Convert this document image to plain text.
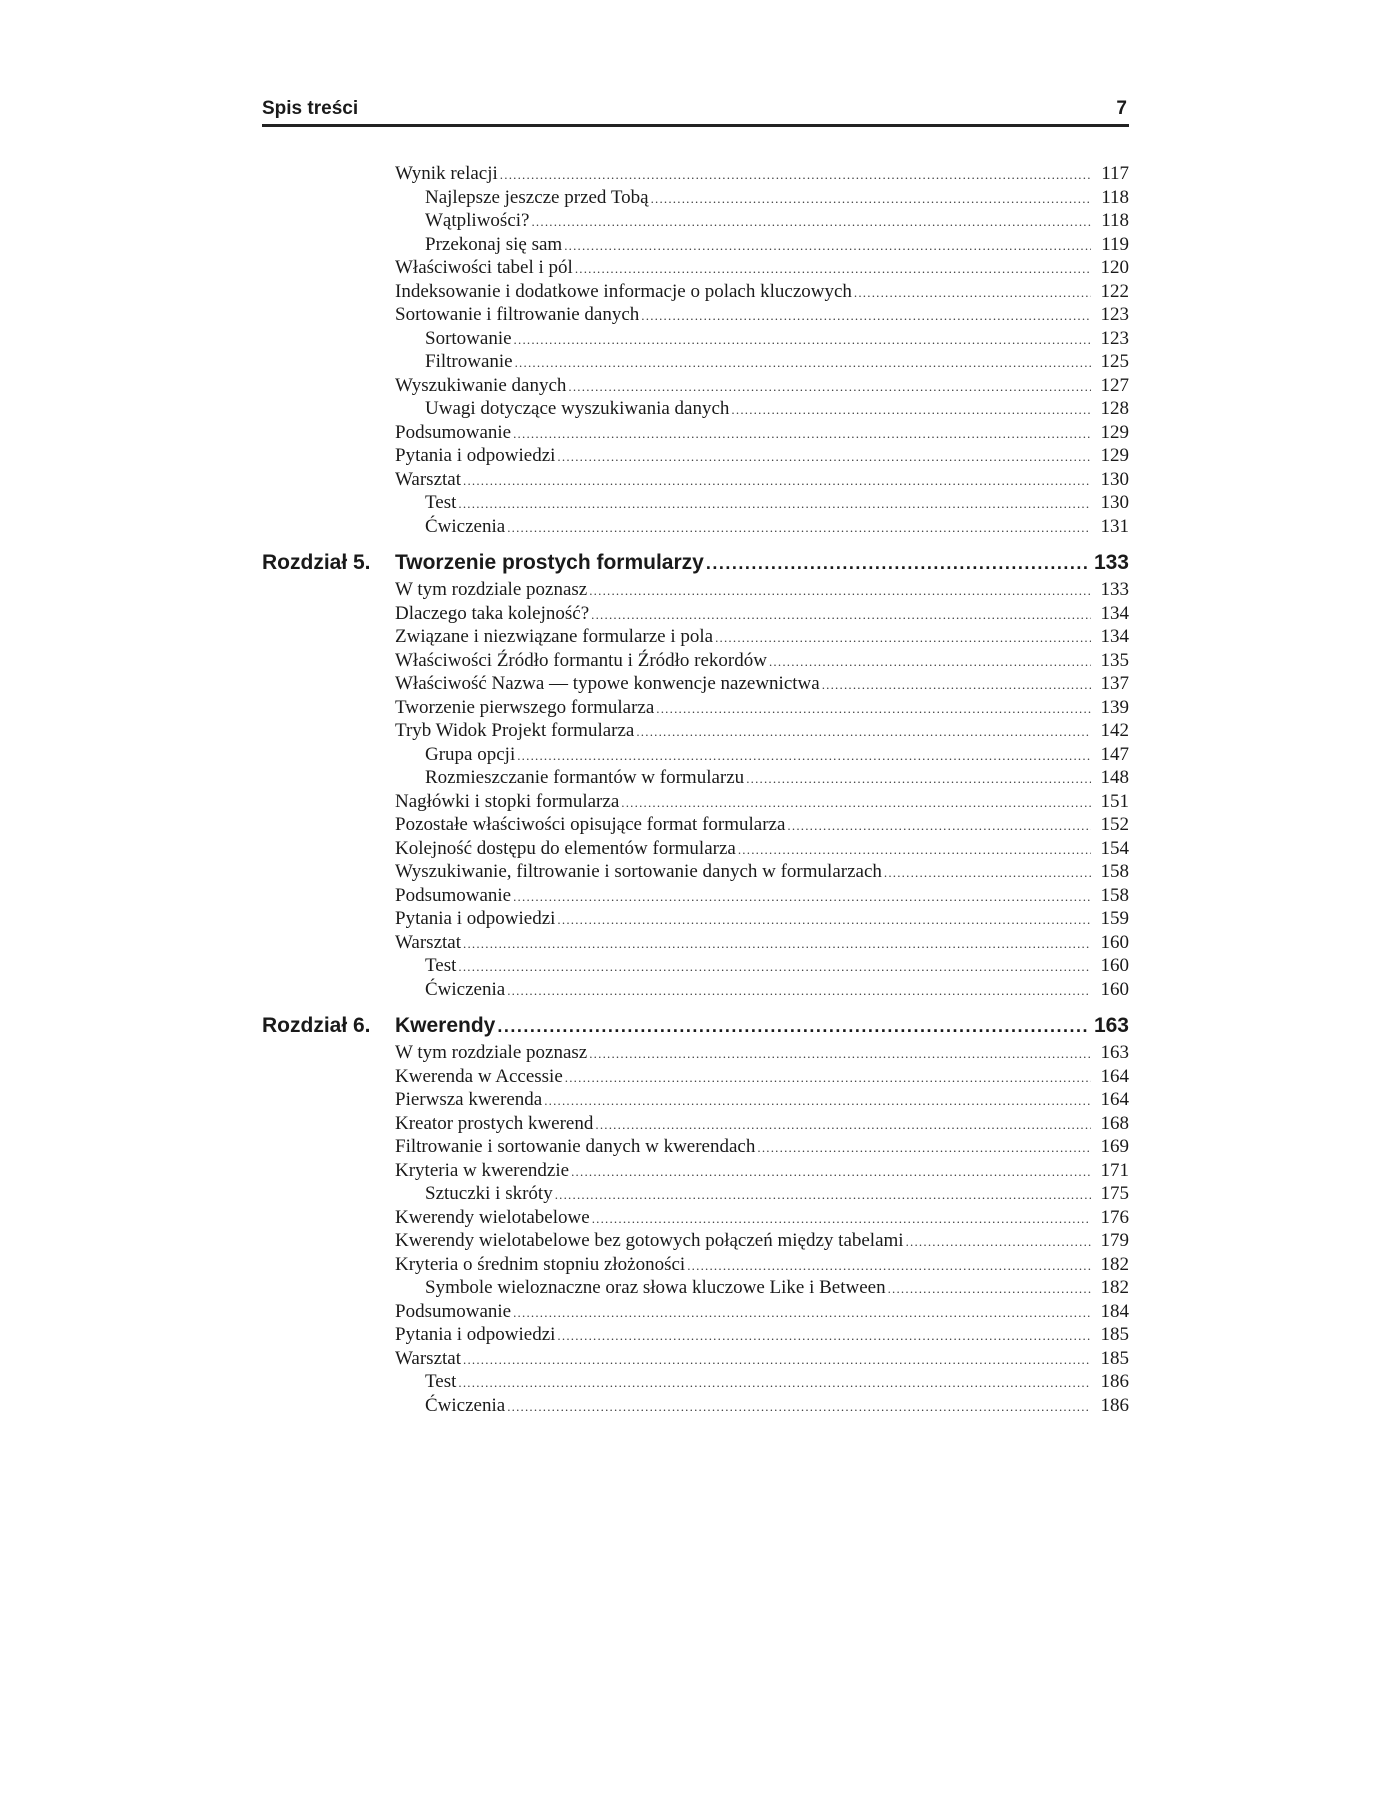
Spis treści	7
Wynik relacji .....	117
Najlepsze jeszcze przed Tobą .....	118
Wątpliwości? .....	118
Przekonaj się sam .....	119
Właściwości tabel i pól .....	120
Indeksowanie i dodatkowe informacje o polach kluczowych .....	122
Sortowanie i filtrowanie danych .....	123
Sortowanie .....	123
Filtrowanie .....	125
Wyszukiwanie danych .....	127
Uwagi dotyczące wyszukiwania danych .....	128
Podsumowanie .....	129
Pytania i odpowiedzi .....	129
Warsztat .....	130
Test .....	130
Ćwiczenia .....	131
Rozdział 5. Tworzenie prostych formularzy .....	133
W tym rozdziale poznasz .....	133
Dlaczego taka kolejność? .....	134
Związane i niezwiązane formularze i pola .....	134
Właściwości Źródło formantu i Źródło rekordów .....	135
Właściwość Nazwa — typowe konwencje nazewnictwa .....	137
Tworzenie pierwszego formularza .....	139
Tryb Widok Projekt formularza .....	142
Grupa opcji .....	147
Rozmieszczanie formantów w formularzu .....	148
Nagłówki i stopki formularza .....	151
Pozostałe właściwości opisujące format formularza .....	152
Kolejność dostępu do elementów formularza .....	154
Wyszukiwanie, filtrowanie i sortowanie danych w formularzach .....	158
Podsumowanie .....	158
Pytania i odpowiedzi .....	159
Warsztat .....	160
Test .....	160
Ćwiczenia .....	160
Rozdział 6. Kwerendy .....	163
W tym rozdziale poznasz .....	163
Kwerenda w Accessie .....	164
Pierwsza kwerenda .....	164
Kreator prostych kwerend .....	168
Filtrowanie i sortowanie danych w kwerendach .....	169
Kryteria w kwerendzie .....	171
Sztuczki i skróty .....	175
Kwerendy wielotabelowe .....	176
Kwerendy wielotabelowe bez gotowych połączeń między tabelami .....	179
Kryteria o średnim stopniu złożoności .....	182
Symbole wieloznaczne oraz słowa kluczowe Like i Between .....	182
Podsumowanie .....	184
Pytania i odpowiedzi .....	185
Warsztat .....	185
Test .....	186
Ćwiczenia .....	186
